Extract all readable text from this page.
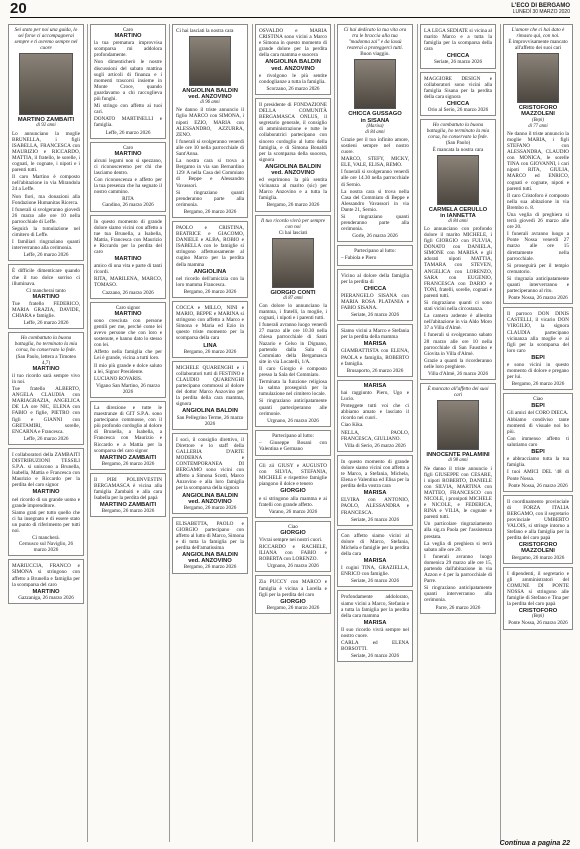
20	L'ECO DI BERGAMO
LUNEDÌ 30 MARZO 2020
Sei stato per noi una guida, lo sei forse ci accompagnerai sempre e ti avremo sempre nel cuore
MARTINO ZAMBAITI
di 92 anni
Lo annunciano la moglie BRUNELLA, i figli ISABELLA, FRANCESCA con MAURIZIO e RICCARDO, MATTIA, il fratello, le sorelle, i cognati, le cognate, i nipoti e i parenti tutti.
Il caro Martino è composto nell'abitazione in via Mirandola 24 a Leffe.
Non fiori, ma donazioni alla Fondazione Humanitas Ricerca.
I funerali si svolgeranno giovedì 26 marzo alle ore 10 nella parrocchiale di Leffe.
Seguirà la tumulazione nel cimitero di Leffe.
I familiari ringraziano quanti interverranno alla cerimonia.
Leffe, 26 marzo 2026
È difficile dimenticare quando che il tuo dolce sorriso ci illuminava.
Ci mancherai tanto
MARTINO
Tue fratello FEDERICO, MARIA GRAZIA, DAVIDE, CHIARA e famiglie.
Leffe, 26 marzo 2026
Ho combattuto la buona battaglia, ho terminato la mia corsa, ho conservato la fede.
(San Paolo, lettera a Timoteo 4,7)
MARTINO
il tuo ricordo sarà sempre vivo in noi.
Tue fratello ALBERTO, ANGELA CLAUDIA con MARIAGRAZIA, ANGELICA DE LA ore NIC, ELENA con FABIO e figlie, PIETRO con figli e GIANNI con GRETAMIRI, sorelle, ENCARNA e Francesca.
Leffe, 26 marzo 2026
I collaboratori della ZAMBAITI DISTRIBUZIONI TESSILI S.P.A. si uniscono a Brunella, Isabella, Mattia e Francesca con Maurizio e Riccardo per la perdita del caro signor
MARTINO
nel ricordo di un grande uomo e grande imprenditore.
Siamo grati per tutto quello che ci ha insegnato e di essere stato un punto di riferimento per tutti noi.
Ci mancherà.
Cernusco sul Naviglio, 26 marzo 2026
MARIUCCIA, FRANCO e SIMONA si stringono con affetto a Brunella e famiglia per la scomparsa del caro
MARTINO
Gazzaniga, 26 marzo 2026
Caro
MARTINO
la tua prematura improvvisa scomparsa mi addolora profondamente.
Non dimenticherò le nostre discussioni del sabato mattina sugli articoli di finanza e i momenti trascorsi insieme in Monte Croce, quando guardavamo a chi raccoglieva più funghi.
Mi stringo con affetto ai tuoi cari.
DONATO MARTINELLI e famiglia.
Leffe, 26 marzo 2026
Caro
MARTINO
alcuni legami non si spezzano, ci riconosceremo per chi che lasciamo dentro.
Con riconoscenza e affetto per la tua presenza che ha segnato il nostro cammino.
RITA
Gandino, 26 marzo 2026
In questo momento di grande dolore siamo vicini con affetto a tue tua Brunella, a Isabella, Mattia, Francesca con Maurizio e Riccardo per la perdita del caro
MARTINO
amico di una vita e parte di tanti ricordi.
RITA, MARILENA, MARCO, TOMASO.
Cazzano, 26 marzo 2026
Caro signor
MARTINO
sono cresciuta con persone gentili per me, perché come lei avevo persone che con loro e sostenute, e hanno dato lo stesso con lei.
Affetto nella famiglia che per Lei è grande, vicina a tutti loro.
Il mio più grande e dolce saluto a lei, Signor Presidente.
LUCIANO ROVARIS.
Vigano San Martino, 26 marzo 2026
La direzione e tutte le maestranze di GIT S.P.A. sono partecipano commosse, con il più profondo cordoglio al dolore di Brunella, a Isabella, a Francesca con Maurizio e Riccardo e a Mattia per la scomparsa del caro signor
MARTINO ZAMBAITI
Bergamo, 26 marzo 2026
Il PIBI POLIINVESTIN BERGAMASCA è vicina alla famiglia Zambaiti e alla cara Isabella per la perdita del papà
MARTINO ZAMBAITI
Bergamo, 26 marzo 2026
Ci hai lasciati la nostra cara
ANGIOLINA BALDIN
ved. ANZOVINO
di 96 anni
Ne danno il triste annuncio il figlio MARCO con SIMONA, i nipoti EZIO, MARIA con ALESSANDRO, AZZURRA, ZENO.
I funerali si svolgeranno venerdì alle ore 10 nella parrocchiale di Sant'Anna.
La nostra cara si trova a Bergamo in via san Bernardino 129/ A nella Casa del Commiato di Beppe e Alessandro Vavassori.
Si ringraziano quanti prenderanno parte alla cerimonia.
Bergamo, 26 marzo 2026
PAOLO e CRISTINA, BEATRICE e GIACOMO, DANIELE e ALBA, ROBIO e ISABELLA con le famiglie si stringono affettuosamente al cugino Marco per la perdita della mamma
ANGIOLINA
nel ricordo dell'amicizia con la loro mamma Francesca.
Bergamo, 26 marzo 2026
COCCA e MILLO, NINI e MARIO, BEPPE e MARINA si stringono con affetto a Marco e Simona e Maria ed Ezio in questo triste momento per la scomparsa della cara
LINA
Bergamo, 26 marzo 2026
MICHELE QUARENGHI e i collaboratori tutti di FESTINO e CLAUDIO QUARENGHI partecipano commossi al dolore del dottor Marco Anzovino per la perdita della cara mamma, signora
ANGIOLINA BALDIN
San Pellegrino Terme, 26 marzo 2026
I soci, il consiglio direttivo, il Direttore e lo staff della GALLERIA D'ARTE MODERNA e CONTEMPORANEA DI BERGAMO sono vicini con affetto a Simona Scotti, Marco Anzovino e alla loro famiglia per la scomparsa della signora
ANGIOLINA BALDIN
ved. ANZOVINO
Bergamo, 26 marzo 2026
ELISABETTA, PAOLO e GIORGIO partecipano con affetto al lutto di Marco, Simona e di tutta la famiglia per la perdita dell'amatissima
ANGIOLINA BALDIN
ved. ANZOVINO
Bergamo, 26 marzo 2026
OSVALDO e MARIA CRISTINA sono vicini a Marco e Simona in questo momento di grande dolore per la perdita della cara mamma e suocera
ANGIOLINA BALDIN
ved. ANZOVINO
e rivolgono le più sentite condoglianze a tutta la famiglia.
Scorzano, 26 marzo 2026
Il presidente di FONDAZIONE DELLA COMUNITÀ BERGAMASCA ONLUS, il segretario generale, il consiglio di amministrazione e tutte le collaboratrici partecipano con sincero cordoglio al lutto della famiglia, e di Simona Bonaldi per la scomparsa della suocera, signora
ANGIOLINA BALDIN
ved. ANZOVINO
ed esprimono la più sentita vicinanza al marito (sic) per Marco Anzovino e a tutta la famiglia.
Bergamo, 26 marzo 2026
Il tuo ricordo vivrà per sempre con noi
Ci hai lasciati
GIORGIO CONTI
di 87 anni
Con dolore lo annunciano la mamma, i fratelli, la moglie, i cognati, i nipoti e i parenti tutti.
I funerali avranno luogo venerdì 27 marzo alle ore 10.30 nella chiesa parrocchiale di Santi Nazario e Celso in Dignano, partendo dalla Sala di Commiato della Bergamasca site in via Locatelli, 1/A.
Il caro Giorgio è composto presso la Sala del Commiato.
Terminata la funzione religiosa la salma proseguirà per la tumulazione nel cimitero locale.
Si ringraziano anticipatamente quanti parteciperanno alle cerimonie.
Urgnano, 26 marzo 2026
Partecipano al lutto:
– Giuseppe Bosani con Valentina e Germano
Gli zii GIUSY e AUGUSTO con SILVIA, STEFANIA, MICHELE e rispettive famiglie piangono il dolce e tenero
GIORGIO
e si stringono alla mamma e ai fratelli con grande affetto.
Varano, 26 marzo 2026
Ciao
GIORGIO
Vivrai sempre nei nostri cuori.
RICCARDO e RACHELE, ILIANA con FABIO e ROBERTA con LORENZO.
Urgnano, 26 marzo 2026
Zia PUCCY con MARCO e famiglia è vicina a Lorella e figli per la perdita del caro
GIORGIO
Bergamo, 26 marzo 2026
Ci hai dedicato la tua vita ora tra le braccia alla tua "madonna zai" e da lassù resterai a proteggerci tutti.
Buon viaggio.
CHICCA GUSSAGO
in SISANA
(Marisa)
di 84 anni
Grazie per il tuo infinito amore, sostieni sempre nel nostro cuore.
MARCO, STEFY, MICKY, ELE, VALE, ELISA, REMO.
I funerali si svolgeranno venerdì alle ore 14.30 nella parrocchiale di Sernio.
La nostra cara si trova nella Casa del Commiato di Beppe e Alessandro Vavassori in via Dante 21, Sernio.
Si ringraziano quanti prenderanno parte alla cerimonia.
Gorle, 26 marzo 2026
Partecipano al lutto:
– Fabiola e Piero
Vicino al dolore della famiglia per la perdita di
CHICCA
PIERANGELO SISANA con MARIA ROSA PLATANIA e FABIO SISANA.
Seriate, 26 marzo 2026
Siamo vicini a Marco e Stefania per la perdita della mamma
MARISA
GIAMBATTISTA con ELENA, PAOLA e famiglia, ROBERTO e famiglia.
Brusaporto, 26 marzo 2026
MARISA
hai raggiunto Piero, Ugo e Lucio.
Proteggete tutti voi che ci abbiamo amato e lasciato il ricordo nei cuori.
Ciao Kika.
NELLA, PAOLO, FRANCESCA, GIULIANO.
Villa di Serio, 26 marzo 2026
In questo momento di grande dolore siamo vicini con affetto a te Marco, a Stefania, Michela, Elena e Valentina ed Elisa per la perdita della vostra cara
MARISA
ELVIRA con ANTONIO, PAOLO, ALESSANDRA e FRANCESCA.
Seriate, 26 marzo 2026
Con affetto siamo vicini al dolore di Marco, Stefania, Michela e famiglie per la perdita della cara
MARISA
I cugini TINA, GRAZIELLA, ENRICO con famiglie.
Seriate, 26 marzo 2026
Profondamente addolorato, siamo vicini a Marco, Stefania e a tutta la famiglia per la perdita della cara mamma
MARISA
Il suo ricordo vivrà sempre nel nostro cuore.
CARLA ed ELENA BORSOTTI.
Seriate, 26 marzo 2026
LA LEGA SEDIATE si vicina al marito Marco e a tutta la famiglia per la scomparsa della cara
CHICCA
Seriate, 26 marzo 2026
MAGGIORE DESIGN e collaboratori sono vicini alla famiglia Sisana per la perdita della cara signora
CHICCA
Orio al Serio, 26 marzo 2026
Ho combattuto la buona battaglia, ho terminato la mia corsa, ho conservato la fede.
(San Paolo)
È mancata la nostra cara
CARMELA CERULLO
in IANNETTA
di 84 anni
Lo annunciano con profondo dolore il marito MICHELE, i figli GIORGIO con FULVIA, DONATO con DANIELA, SIMONE con MARISA e gli adorati nipoti MATTIA, TAMARA con STEVEN, ANGELICA con LORENZO, SARA con EUGENIO, FRANCESCA con DARIO e TONI, fratelli, sorelle, cognati e parenti tutti.
Si ringraziano quanti ci sono stati vicini nella circostanza.
La camera ardente è allestita nell'abitazione in via Aldo Moro 37 a Villa d'Almè.
I funerali si svolgeranno sabato 28 marzo alle ore 10 nella parrocchiale di San Faustino e Giovita in Villa d'Almè.
Grazie a quanti la ricorderanno nelle loro preghiere.
Villa d'Almè, 26 marzo 2026
È mancato all'affetto dei suoi cari
INNOCENTE PALAMINI
di 98 anni
Ne danno il triste annuncio i figli GIUSEPPE con CESARE, i nipoti ROBERTO, DANIELE con SILVIA, MARTINA con MATTEO, FRANCESCO con NICOLE, i pronipoti MICHELE e NICOLE, e FEDERICA, RINA e VILIA, le cognate e parenti tutti.
Un particolare ringraziamento alla sig.ra Paola per l'assistenza prestata.
La veglia di preghiera si terrà sabato alle ore 20.
I funerali avranno luogo domenica 29 marzo alle ore 15, partendo dall'abitazione in via Azzon e 4 per la parrocchiale di Parre.
Si ringraziano anticipatamente quanti interverranno alla cerimonia.
Parre, 26 marzo 2026
L'amore che ci hai dato è rimasto qui, con noi.
È improvvisamente mancato all'affetto dei suoi cari
CRISTOFORO
MAZZOLENI
(Bepi)
di 77 anni
Ne danno il triste annuncio la moglie MARIA, i figli STEFANO con ALESSANDRA, CLAUDIO con MONICA, le sorelle TINA con GIOVANNI, i cari nipoti RITA, GIULIA, MARCO ed ENRICO, cognati e cognate, nipoti e parenti tutti.
Il caro Cristoforo è composto nella sua abitazione in via Brembo n. 8.
Una veglia di preghiera si terrà giovedì 26 marzo alle ore 20.
I funerali avranno luogo a Ponte Nossa venerdì 27 marzo alle ore 15 direttamente nella parrocchiale.
Si proseguirà per il tempio crematorio.
Si ringrazia anticipatamente quanti interverranno e parteciperanno al rito.
Ponte Nossa, 26 marzo 2026
Il parroco DON DINIS CASTELLI, il vicario DON VIRGILIO, la signora CLAUDIA partecipano vicinanza alla moglie e ai figli per la scomparsa del loro caro
BEPI
e sono vicini in questo momento di dolore e pregano per lui.
Bergamo, 26 marzo 2026
Ciao
BEPI
Gli amici del CORO DIECA.
Abbiamo condiviso tante momenti di visuale noi ho più.
Con immenso affetto ti salutiamo caro
BEPI
e abbracciamo tutta la tua famiglia.
I tuoi AMICI DEL '48 di Ponte Nossa.
Ponte Nossa, 26 marzo 2026
Il coordinamento provinciale di FORZA ITALIA BERGAMO, con il segretario provinciale UMBERTO VALOIS, si stringe intorno a Stefano e alla famiglia per la perdita del caro papà
CRISTOFORO
MAZZOLENI
Bergamo, 26 marzo 2026
I dipendenti, il segretario e gli amministratori del COMUNE DI PONTE NOSSA si stringono alle famiglie di Stefano e Tina per la perdita del caro papà
CRISTOFORO
(Bepi)
Ponte Nossa, 26 marzo 2026
Continua a pagina 22
